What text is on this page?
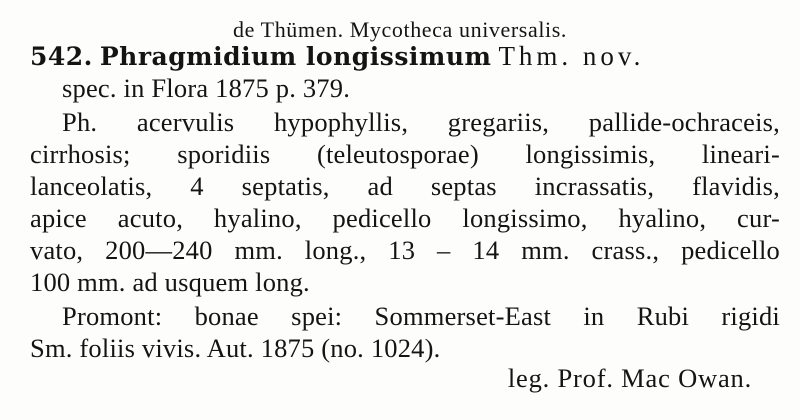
de Thümen. Mycotheca universalis.
542. Phragmidium longissimum Thm. nov.
spec. in Flora 1875 p. 379.
Ph. acervulis hypophyllis, gregariis, pallide-ochraceis,
cirrhosis; sporidiis (teleutosporae) longissimis, lineari-
lanceolatis, 4 septatis, ad septas incrassatis, flavidis,
apice acuto, hyalino, pedicello longissimo, hyalino, cur-
vato, 200—240 mm. long., 13 – 14 mm. crass., pedicello
100 mm. ad usquem long.
Promont: bonae spei: Sommerset-East in Rubi rigidi
Sm. foliis vivis. Aut. 1875 (no. 1024).
leg. Prof. Mac Owan.
